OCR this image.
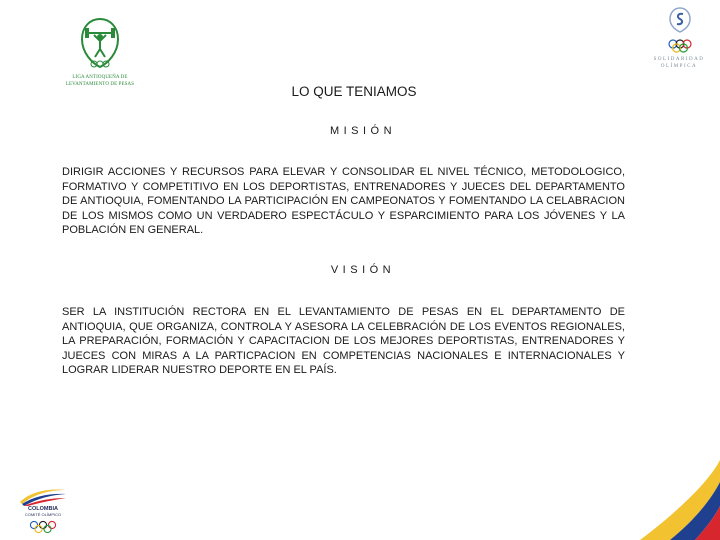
LIGA ANTIOQUEÑA DE
LEVANTAMIENTO DE PESAS
SOLIDARIDAD
OLÍMPICA
LO QUE TENIAMOS
MISIÓN
DIRIGIR ACCIONES Y RECURSOS PARA ELEVAR Y CONSOLIDAR EL NIVEL TÉCNICO, METODOLOGICO, FORMATIVO Y COMPETITIVO EN LOS DEPORTISTAS, ENTRENADORES Y JUECES DEL DEPARTAMENTO DE ANTIOQUIA, FOMENTANDO LA PARTICIPACIÓN EN CAMPEONATOS Y FOMENTANDO LA CELABRACION DE LOS MISMOS COMO UN VERDADERO ESPECTÁCULO Y ESPARCIMIENTO PARA LOS JÓVENES Y LA POBLACIÓN EN GENERAL.
VISIÓN
SER LA INSTITUCIÓN RECTORA EN EL LEVANTAMIENTO DE PESAS EN EL DEPARTAMENTO DE ANTIOQUIA, QUE ORGANIZA, CONTROLA Y ASESORA LA CELEBRACIÓN DE LOS EVENTOS REGIONALES, LA PREPARACIÓN, FORMACIÓN Y CAPACITACION DE LOS MEJORES DEPORTISTAS, ENTRENADORES Y JUECES CON MIRAS A LA PARTICPACION EN COMPETENCIAS NACIONALES E INTERNACIONALES Y LOGRAR LIDERAR NUESTRO DEPORTE EN EL PAÍS.
COLOMBIA
COMITÉ OLÍMPICO
